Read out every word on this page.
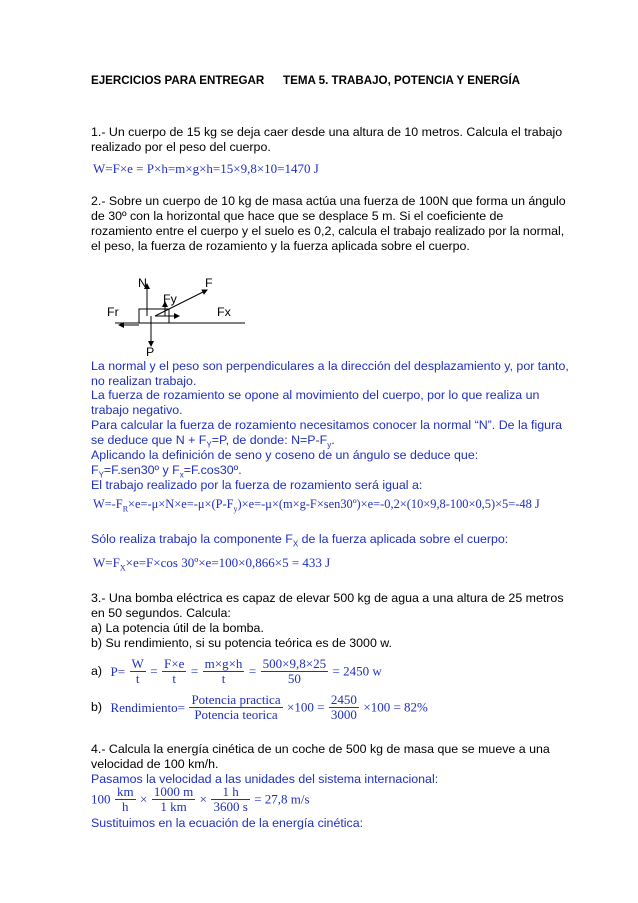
EJERCICIOS PARA ENTREGAR TEMA 5. TRABAJO, POTENCIA Y ENERGÍA
1.- Un cuerpo de 15 kg se deja caer desde una altura de 10 metros. Calcula el trabajo
realizado por el peso del cuerpo.
W=F×e = P×h=m×g×h=15×9,8×10=1470 J
2.- Sobre un cuerpo de 10 kg de masa actúa una fuerza de 100N que forma un ángulo
de 30º con la horizontal que hace que se desplace 5 m. Si el coeficiente de
rozamiento entre el cuerpo y el suelo es 0,2, calcula el trabajo realizado por la normal,
el peso, la fuerza de rozamiento y la fuerza aplicada sobre el cuerpo.
N	F
Fy
Fr	Fx
P
La normal y el peso son perpendiculares a la dirección del desplazamiento y, por tanto,
no realizan trabajo.
La fuerza de rozamiento se opone al movimiento del cuerpo, por lo que realiza un
trabajo negativo.
Para calcular la fuerza de rozamiento necesitamos conocer la normal “N”. De la figura
se deduce que $N + F_Y=P$, de donde: $N=P-F_y$.
Aplicando la definición de seno y coseno de un ángulo se deduce que:
$F_Y=F.sen30º$ y $F_x=F.\cos 30º$.
El trabajo realizado por la fuerza de rozamiento será igual a:
$W=-F_R\times e=-\mu\times N\times e=-\mu\times(P-F_y)\times e=-\mu\times(m\times g-F\times sen30º)\times e=-0,2\times(10\times 9,8-100\times 0,5)\times 5=-48$ J
Sólo realiza trabajo la componente $F_X$ de la fuerza aplicada sobre el cuerpo:
$W=F_X\times e=F\times\cos$ 30º×e=100×0,866×5 = 433 J
3.- Una bomba eléctrica es capaz de elevar 500 kg de agua a una altura de 25 metros
en 50 segundos. Calcula:
a) La potencia útil de la bomba.
b) Su rendimiento, si su potencia teórica es de 3000 w.
a) $P= \frac{W}{t} = \frac{F\times e}{t} = \frac{m\times g\times h}{t} = \frac{500\times 9,8\times 25}{50} = 2450$ w
b) Rendimiento= $\frac{\text{Potencia practica}}{\text{Potencia teorica}} \times 100 = \frac{2450}{3000} \times 100 = 82\%$
4.- Calcula la energía cinética de un coche de 500 kg de masa que se mueve a una
velocidad de 100 km/h.
Pasamos la velocidad a las unidades del sistema internacional:
$100 \frac{km}{h} \times \frac{1000 m}{1 km} \times \frac{1 h}{3600 s} = 27,8$ m/s
Sustituimos en la ecuación de la energía cinética:
